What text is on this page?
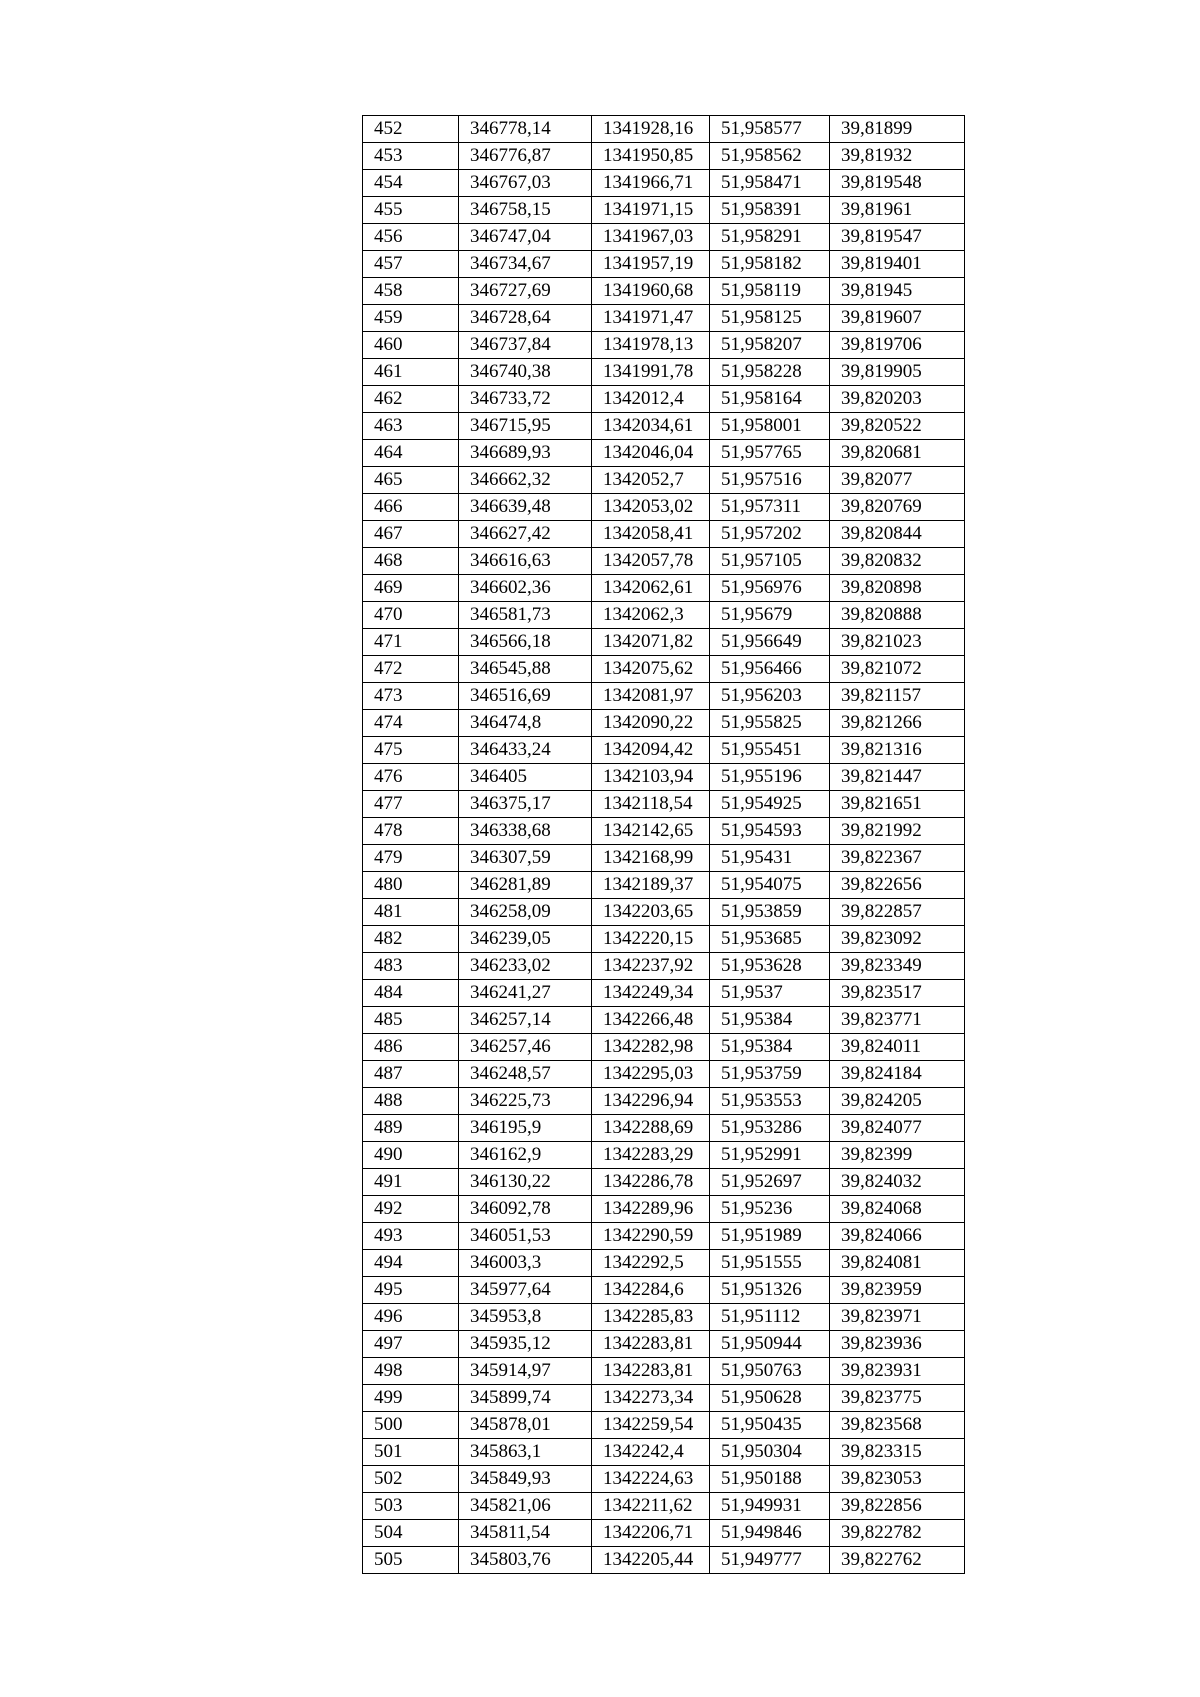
452	346778,14	1341928,16	51,958577	39,81899
453	346776,87	1341950,85	51,958562	39,81932
454	346767,03	1341966,71	51,958471	39,819548
455	346758,15	1341971,15	51,958391	39,81961
456	346747,04	1341967,03	51,958291	39,819547
457	346734,67	1341957,19	51,958182	39,819401
458	346727,69	1341960,68	51,958119	39,81945
459	346728,64	1341971,47	51,958125	39,819607
460	346737,84	1341978,13	51,958207	39,819706
461	346740,38	1341991,78	51,958228	39,819905
462	346733,72	1342012,4	51,958164	39,820203
463	346715,95	1342034,61	51,958001	39,820522
464	346689,93	1342046,04	51,957765	39,820681
465	346662,32	1342052,7	51,957516	39,82077
466	346639,48	1342053,02	51,957311	39,820769
467	346627,42	1342058,41	51,957202	39,820844
468	346616,63	1342057,78	51,957105	39,820832
469	346602,36	1342062,61	51,956976	39,820898
470	346581,73	1342062,3	51,95679	39,820888
471	346566,18	1342071,82	51,956649	39,821023
472	346545,88	1342075,62	51,956466	39,821072
473	346516,69	1342081,97	51,956203	39,821157
474	346474,8	1342090,22	51,955825	39,821266
475	346433,24	1342094,42	51,955451	39,821316
476	346405	1342103,94	51,955196	39,821447
477	346375,17	1342118,54	51,954925	39,821651
478	346338,68	1342142,65	51,954593	39,821992
479	346307,59	1342168,99	51,95431	39,822367
480	346281,89	1342189,37	51,954075	39,822656
481	346258,09	1342203,65	51,953859	39,822857
482	346239,05	1342220,15	51,953685	39,823092
483	346233,02	1342237,92	51,953628	39,823349
484	346241,27	1342249,34	51,9537	39,823517
485	346257,14	1342266,48	51,95384	39,823771
486	346257,46	1342282,98	51,95384	39,824011
487	346248,57	1342295,03	51,953759	39,824184
488	346225,73	1342296,94	51,953553	39,824205
489	346195,9	1342288,69	51,953286	39,824077
490	346162,9	1342283,29	51,952991	39,82399
491	346130,22	1342286,78	51,952697	39,824032
492	346092,78	1342289,96	51,95236	39,824068
493	346051,53	1342290,59	51,951989	39,824066
494	346003,3	1342292,5	51,951555	39,824081
495	345977,64	1342284,6	51,951326	39,823959
496	345953,8	1342285,83	51,951112	39,823971
497	345935,12	1342283,81	51,950944	39,823936
498	345914,97	1342283,81	51,950763	39,823931
499	345899,74	1342273,34	51,950628	39,823775
500	345878,01	1342259,54	51,950435	39,823568
501	345863,1	1342242,4	51,950304	39,823315
502	345849,93	1342224,63	51,950188	39,823053
503	345821,06	1342211,62	51,949931	39,822856
504	345811,54	1342206,71	51,949846	39,822782
505	345803,76	1342205,44	51,949777	39,822762
